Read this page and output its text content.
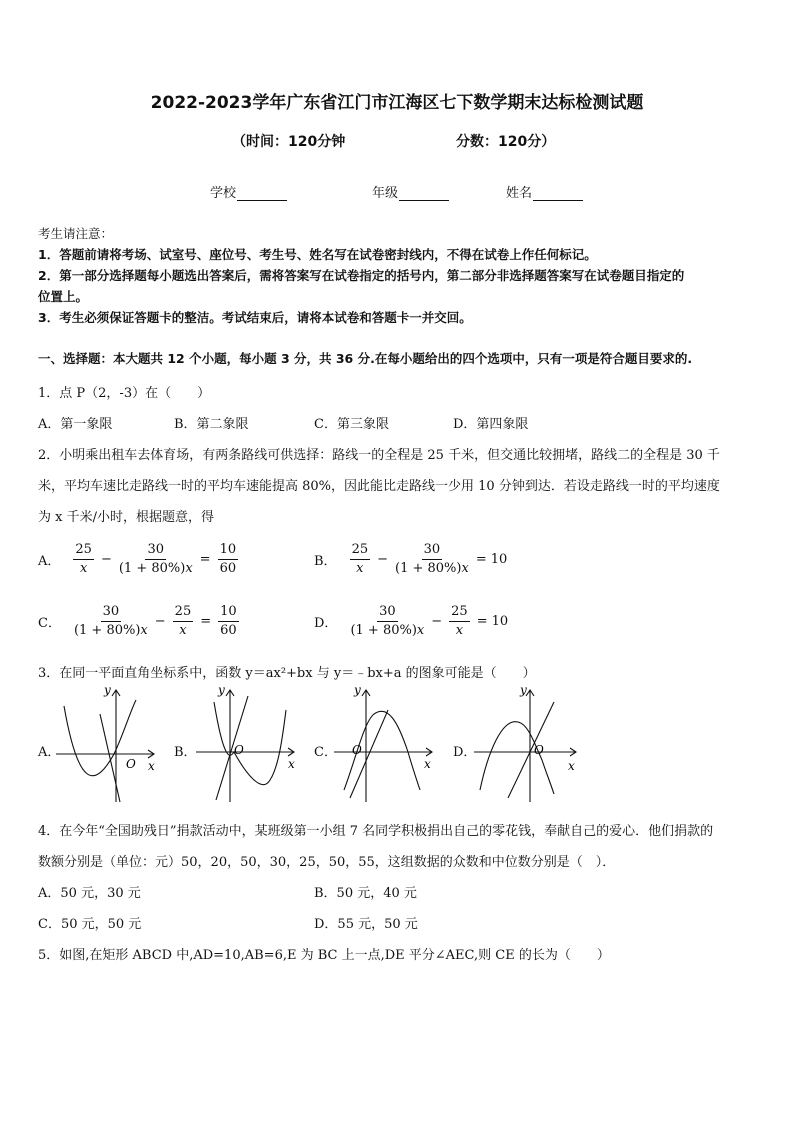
2022-2023学年广东省江门市江海区七下数学期末达标检测试题
（时间：120分钟	分数：120分）
学校	年级	姓名
考生请注意：
1．答题前请将考场、试室号、座位号、考生号、姓名写在试卷密封线内，不得在试卷上作任何标记。
2．第一部分选择题每小题选出答案后，需将答案写在试卷指定的括号内，第二部分非选择题答案写在试卷题目指定的
位置上。
3．考生必须保证答题卡的整洁。考试结束后，请将本试卷和答题卡一并交回。
一、选择题：本大题共 12 个小题，每小题 3 分，共 36 分.在每小题给出的四个选项中，只有一项是符合题目要求的.
1．点 P（2，-3）在（　　）
A．第一象限	B．第二象限	C．第三象限	D．第四象限
2．小明乘出租车去体育场，有两条路线可供选择：路线一的全程是 25 千米，但交通比较拥堵，路线二的全程是 30 千
米，平均车速比走路线一时的平均车速能提高 80%，因此能比走路线一少用 10 分钟到达．若设走路线一时的平均速度
为 x 千米/小时，根据题意，得
A． $\frac{25}{x} - \frac{30}{(1 + 80\%)x} = \frac{10}{60}$	B． $\frac{25}{x} - \frac{30}{(1 + 80\%)x} = 10$
C． $\frac{30}{(1 + 80\%)x} - \frac{25}{x} = \frac{10}{60}$	D． $\frac{30}{(1 + 80\%)x} - \frac{25}{x} = 10$
3．在同一平面直角坐标系中，函数 y＝ax²+bx 与 y＝﹣bx+a 的图象可能是（　　）
A．	B．	C．	D．
O x
y
O
x
y
O
x
y
O
x
y
4．在今年“全国助残日”捐款活动中，某班级第一小组 7 名同学积极捐出自己的零花钱，奉献自己的爱心．他们捐款的
数额分别是（单位：元）50，20，50，30，25，50，55，这组数据的众数和中位数分别是（　）．
A．50 元，30 元	B．50 元，40 元
C．50 元，50 元	D．55 元，50 元
5．如图,在矩形 ABCD 中,AD=10,AB=6,E 为 BC 上一点,DE 平分∠AEC,则 CE 的长为（　　）
